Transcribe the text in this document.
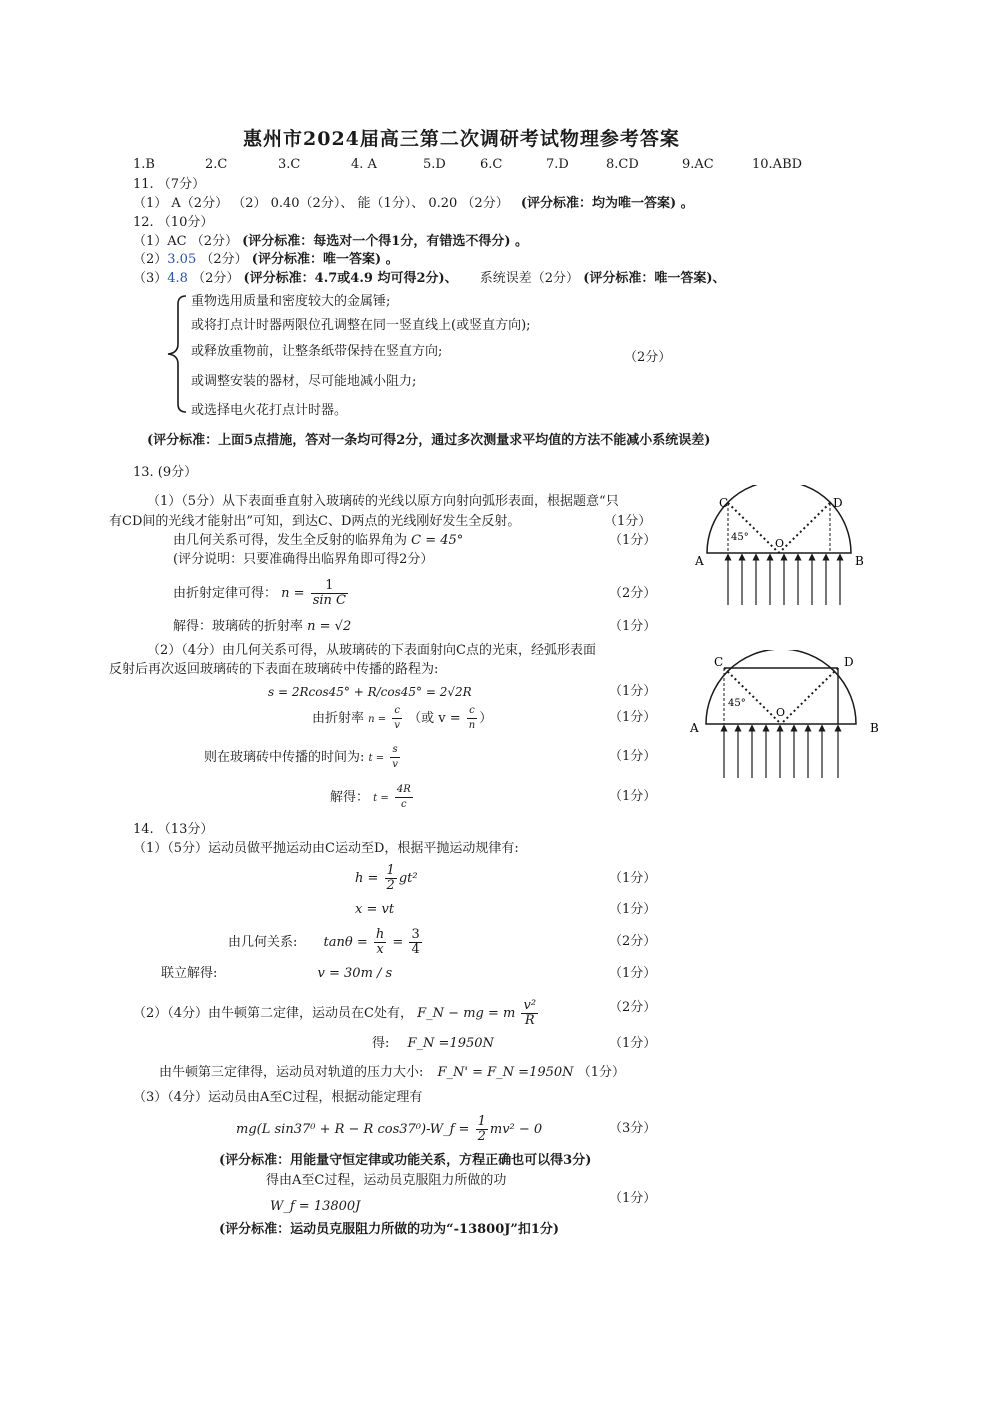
惠州市2024届高三第二次调研考试物理参考答案
1.B	2.C	3.C	4. A	5.D	6.C	7.D	8.CD	9.AC	10.ABD
11. （7分）
（1） A（2分） （2） 0.40（2分）、 能（1分）、 0.20 （2分） (评分标准：均为唯一答案) 。
12. （10分）
（1）AC （2分） (评分标准：每选对一个得1分，有错选不得分) 。
（2）3.05 （2分） (评分标准：唯一答案) 。
（3）4.8 （2分） (评分标准：4.7或4.9 均可得2分)、 系统误差（2分） (评分标准：唯一答案)、
重物选用质量和密度较大的金属锤;
或将打点计时器两限位孔调整在同一竖直线上(或竖直方向);
或释放重物前，让整条纸带保持在竖直方向;
或调整安装的器材，尽可能地减小阻力;
或选择电火花打点计时器。
（2分）
(评分标准：上面5点措施，答对一条均可得2分，通过多次测量求平均值的方法不能减小系统误差)
13. (9分）
（1）（5分）从下表面垂直射入玻璃砖的光线以原方向射向弧形表面，根据题意“只
有CD间的光线才能射出”可知，到达C、D两点的光线刚好发生全反射。	（1分）
由几何关系可得，发生全反射的临界角为 C = 45°	（1分）
(评分说明：只要准确得出临界角即可得2分）
由折射定律可得： $n = \frac{1}{\text{sin C}}$	（2分）
解得：玻璃砖的折射率 n = √2	（1分）
（2）（4分）由几何关系可得，从玻璃砖的下表面射向C点的光束，经弧形表面
反射后再次返回玻璃砖的下表面在玻璃砖中传播的路程为:
s = 2Rcos45° + R/cos45° = 2√2R	（1分）
由折射率 $n = \frac{c}{v}$ （或 $v = \frac{c}{n}$ ）	（1分）
则在玻璃砖中传播的时间为: $t = \frac{s}{v}$	（1分）
解得： $t = \frac{4R}{c}$	（1分）
C	D
A	B
O
45°
C	D
A	B
O
45°
14. （13分）
（1）（5分）运动员做平抛运动由C运动至D，根据平抛运动规律有:
$h = \frac{1}{2} gt^2$	（1分）
x = vt	（1分）
由几何关系: $\tan\theta = \frac{h}{x} = \frac{3}{4}$	（2分）
联立解得:	v = 30m / s	（1分）
（2）（4分）由牛顿第二定律，运动员在C处有， F_N − mg = m $\frac{\text{v²}}{R}$	（2分）
得: F_N =1950N	（1分）
由牛顿第三定律得，运动员对轨道的压力大小: F_N' = F_N =1950N （1分）
（3）（4分）运动员由A至C过程，根据动能定理有
mg(L sin37⁰ + R − R cos37⁰)-W_f = $\frac{1}{2} mv^2 - 0$	（3分）
(评分标准：用能量守恒定律或功能关系，方程正确也可以得3分)
得由A至C过程，运动员克服阻力所做的功
W_f = 13800J
（1分）
(评分标准：运动员克服阻力所做的功为“-13800J”扣1分)
